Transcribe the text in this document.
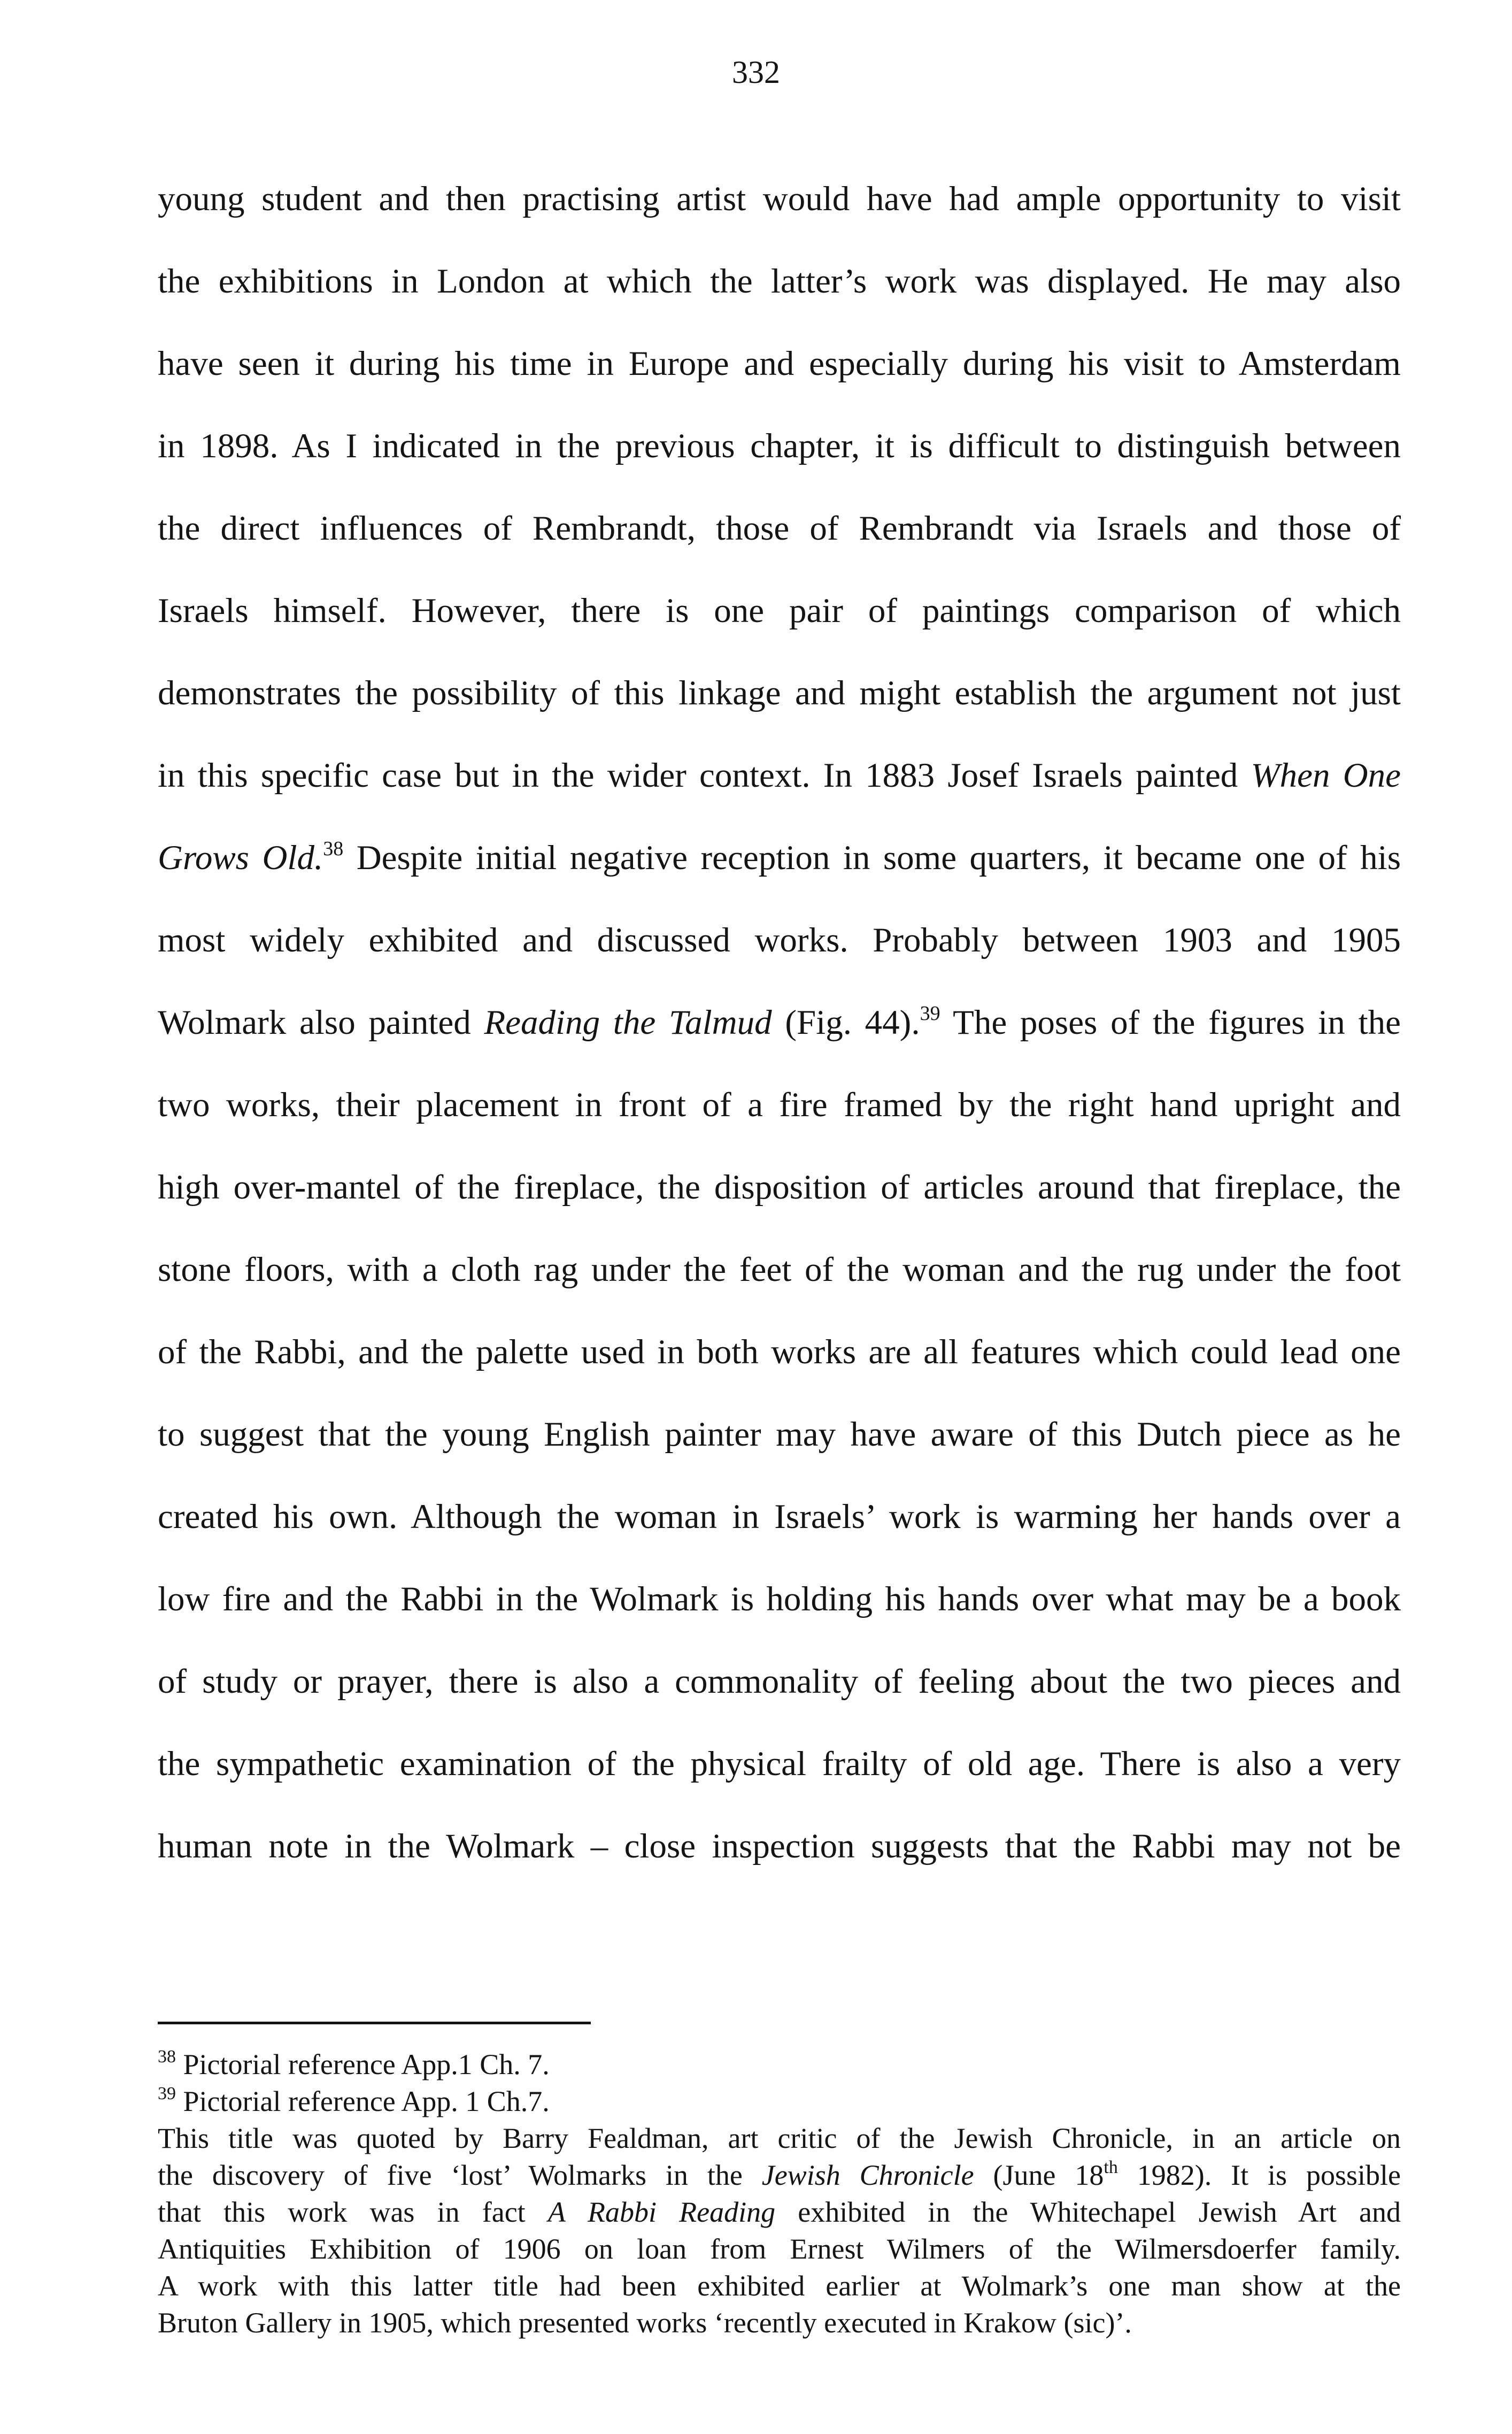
332
young student and then practising artist would have had ample opportunity to visit
the exhibitions in London at which the latter’s work was displayed. He may also
have seen it during his time in Europe and especially during his visit to Amsterdam
in 1898. As I indicated in the previous chapter, it is difficult to distinguish between
the direct influences of Rembrandt, those of Rembrandt via Israels and those of
Israels himself. However, there is one pair of paintings comparison of which
demonstrates the possibility of this linkage and might establish the argument not just
in this specific case but in the wider context. In 1883 Josef Israels painted When One
Grows Old.$^{38}$ Despite initial negative reception in some quarters, it became one of his
most widely exhibited and discussed works. Probably between 1903 and 1905
Wolmark also painted Reading the Talmud (Fig. 44).$^{39}$ The poses of the figures in the
two works, their placement in front of a fire framed by the right hand upright and
high over-mantel of the fireplace, the disposition of articles around that fireplace, the
stone floors, with a cloth rag under the feet of the woman and the rug under the foot
of the Rabbi, and the palette used in both works are all features which could lead one
to suggest that the young English painter may have aware of this Dutch piece as he
created his own. Although the woman in Israels’ work is warming her hands over a
low fire and the Rabbi in the Wolmark is holding his hands over what may be a book
of study or prayer, there is also a commonality of feeling about the two pieces and
the sympathetic examination of the physical frailty of old age. There is also a very
human note in the Wolmark – close inspection suggests that the Rabbi may not be
$^{38}$ Pictorial reference App.1 Ch. 7.
$^{39}$ Pictorial reference App. 1 Ch.7.
This title was quoted by Barry Fealdman, art critic of the Jewish Chronicle, in an article on
the discovery of five ‘lost’ Wolmarks in the Jewish Chronicle (June 18th 1982). It is possible
that this work was in fact A Rabbi Reading exhibited in the Whitechapel Jewish Art and
Antiquities Exhibition of 1906 on loan from Ernest Wilmers of the Wilmersdoerfer family.
A work with this latter title had been exhibited earlier at Wolmark’s one man show at the
Bruton Gallery in 1905, which presented works ‘recently executed in Krakow (sic)’.
